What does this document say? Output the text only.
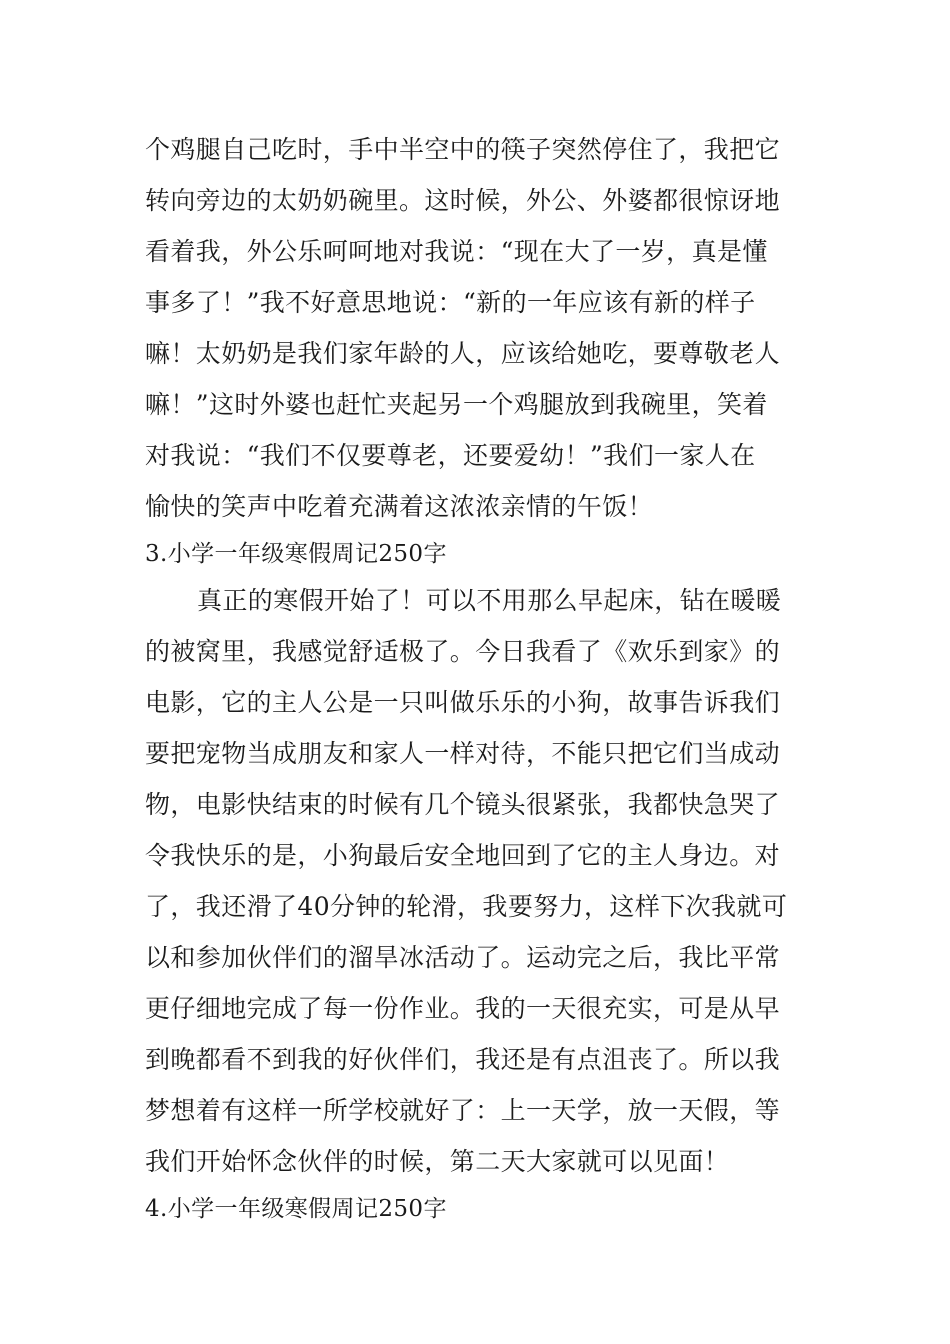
个鸡腿自己吃时，手中半空中的筷子突然停住了，我把它
转向旁边的太奶奶碗里。这时候，外公、外婆都很惊讶地
看着我，外公乐呵呵地对我说：“现在大了一岁，真是懂
事多了！”我不好意思地说：“新的一年应该有新的样子
嘛！太奶奶是我们家年龄的人，应该给她吃，要尊敬老人
嘛！”这时外婆也赶忙夹起另一个鸡腿放到我碗里，笑着
对我说：“我们不仅要尊老，还要爱幼！”我们一家人在
愉快的笑声中吃着充满着这浓浓亲情的午饭！
3.小学一年级寒假周记250字
真正的寒假开始了！可以不用那么早起床，钻在暖暖
的被窝里，我感觉舒适极了。今日我看了《欢乐到家》的
电影，它的主人公是一只叫做乐乐的小狗，故事告诉我们
要把宠物当成朋友和家人一样对待，不能只把它们当成动
物，电影快结束的时候有几个镜头很紧张，我都快急哭了
令我快乐的是，小狗最后安全地回到了它的主人身边。对
了，我还滑了40分钟的轮滑，我要努力，这样下次我就可
以和参加伙伴们的溜旱冰活动了。运动完之后，我比平常
更仔细地完成了每一份作业。我的一天很充实，可是从早
到晚都看不到我的好伙伴们，我还是有点沮丧了。所以我
梦想着有这样一所学校就好了：上一天学，放一天假，等
我们开始怀念伙伴的时候，第二天大家就可以见面！
4.小学一年级寒假周记250字
